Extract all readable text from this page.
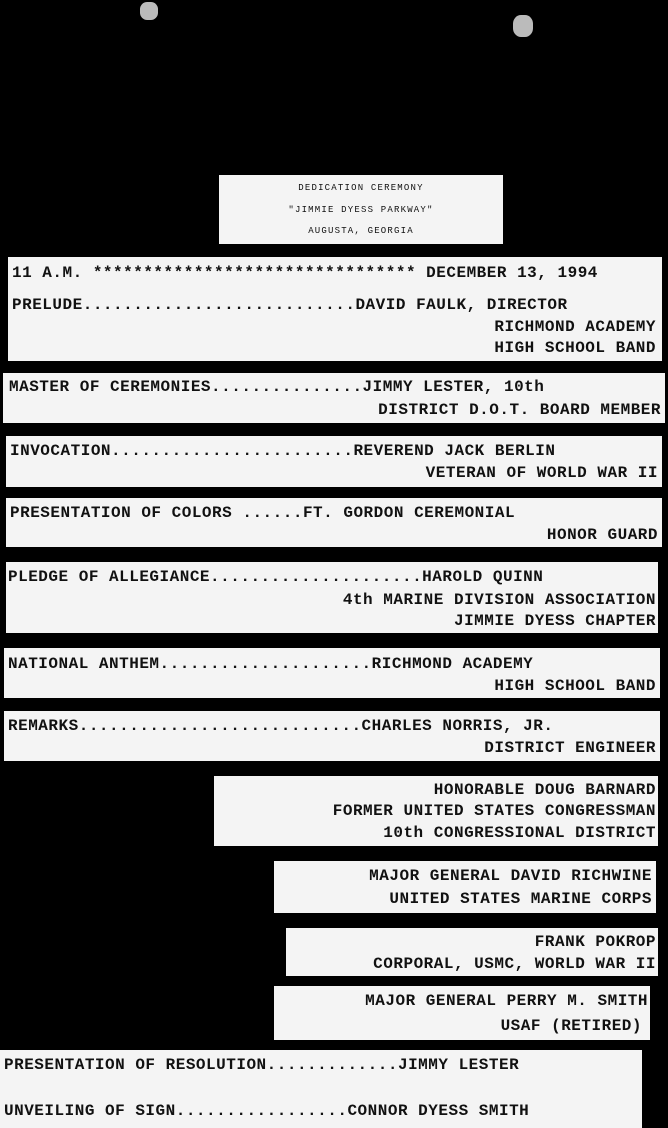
DEDICATION CEREMONY
"JIMMIE DYESS PARKWAY"
AUGUSTA, GEORGIA
11 A.M. ******************************** DECEMBER 13, 1994
PRELUDE...........................DAVID FAULK, DIRECTOR
RICHMOND ACADEMY
HIGH SCHOOL BAND
MASTER OF CEREMONIES...............JIMMY LESTER, 10th
DISTRICT D.O.T. BOARD MEMBER
INVOCATION........................REVEREND JACK BERLIN
VETERAN OF WORLD WAR II
PRESENTATION OF COLORS ......FT. GORDON CEREMONIAL
HONOR GUARD
PLEDGE OF ALLEGIANCE.....................HAROLD QUINN
4th MARINE DIVISION ASSOCIATION
JIMMIE DYESS CHAPTER
NATIONAL ANTHEM.....................RICHMOND ACADEMY
HIGH SCHOOL BAND
REMARKS............................CHARLES NORRIS, JR.
DISTRICT ENGINEER
HONORABLE DOUG BARNARD
FORMER UNITED STATES CONGRESSMAN
10th CONGRESSIONAL DISTRICT
MAJOR GENERAL DAVID RICHWINE
UNITED STATES MARINE CORPS
FRANK POKROP
CORPORAL, USMC, WORLD WAR II
MAJOR GENERAL PERRY M. SMITH
USAF (RETIRED)
PRESENTATION OF RESOLUTION.............JIMMY LESTER
UNVEILING OF SIGN.................CONNOR DYESS SMITH
